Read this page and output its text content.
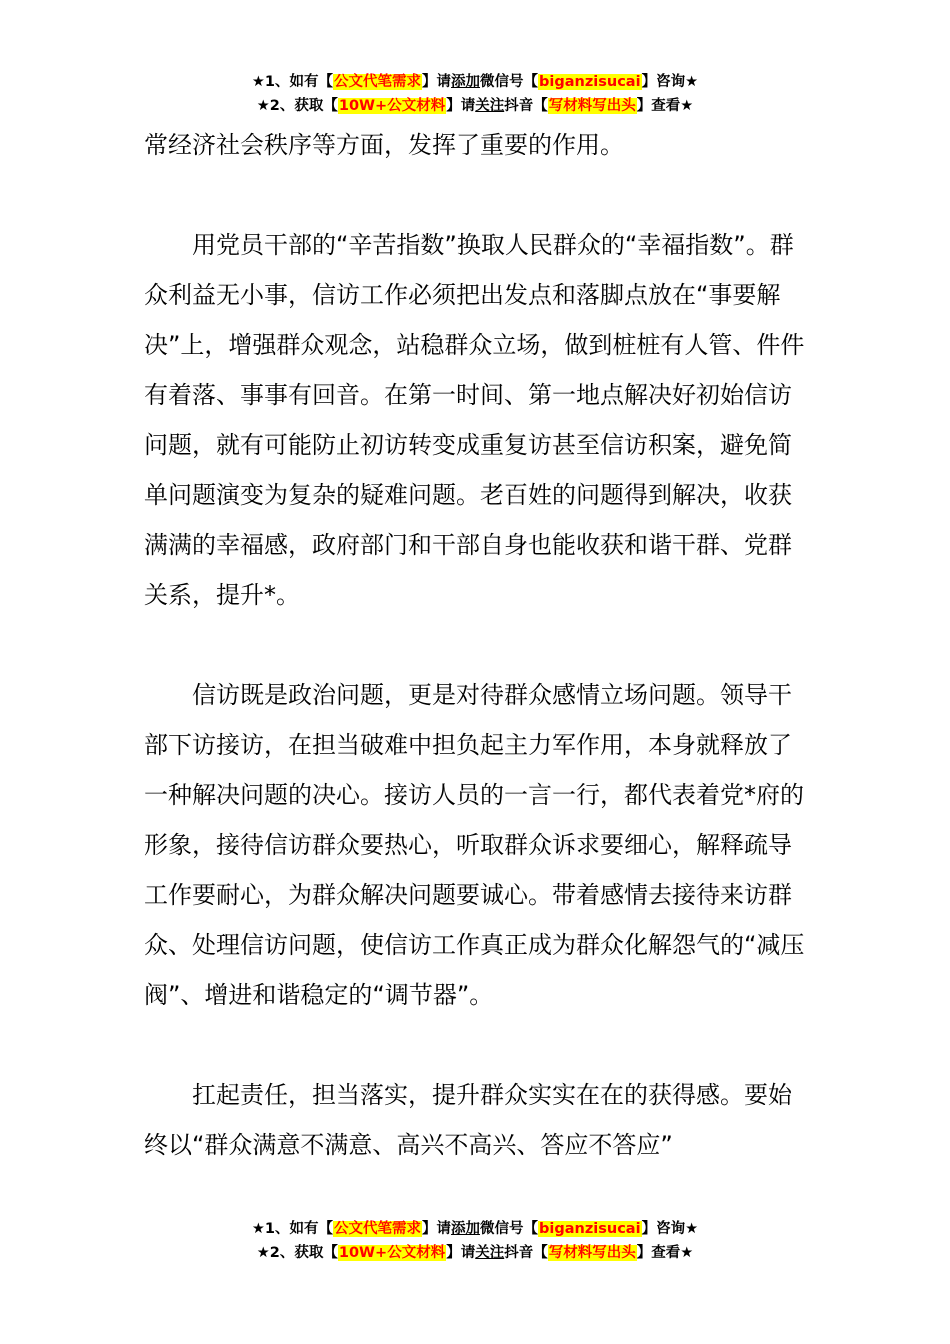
★1、如有【公文代笔需求】请添加微信号【biganzisucai】咨询★
★2、获取【10W+公文材料】请关注抖音【写材料写出头】查看★

常经济社会秩序等方面，发挥了重要的作用。

用党员干部的“辛苦指数”换取人民群众的“幸福指数”。群众利益无小事，信访工作必须把出发点和落脚点放在“事要解决”上，增强群众观念，站稳群众立场，做到桩桩有人管、件件有着落、事事有回音。在第一时间、第一地点解决好初始信访问题，就有可能防止初访转变成重复访甚至信访积案，避免简单问题演变为复杂的疑难问题。老百姓的问题得到解决，收获满满的幸福感，政府部门和干部自身也能收获和谐干群、党群关系，提升*。

信访既是政治问题，更是对待群众感情立场问题。领导干部下访接访，在担当破难中担负起主力军作用，本身就释放了一种解决问题的决心。接访人员的一言一行，都代表着党*府的形象，接待信访群众要热心，听取群众诉求要细心，解释疏导工作要耐心，为群众解决问题要诚心。带着感情去接待来访群众、处理信访问题，使信访工作真正成为群众化解怨气的“减压阀”、增进和谐稳定的“调节器”。

扛起责任，担当落实，提升群众实实在在的获得感。要始终以“群众满意不满意、高兴不高兴、答应不答应”

★1、如有【公文代笔需求】请添加微信号【biganzisucai】咨询★
★2、获取【10W+公文材料】请关注抖音【写材料写出头】查看★
